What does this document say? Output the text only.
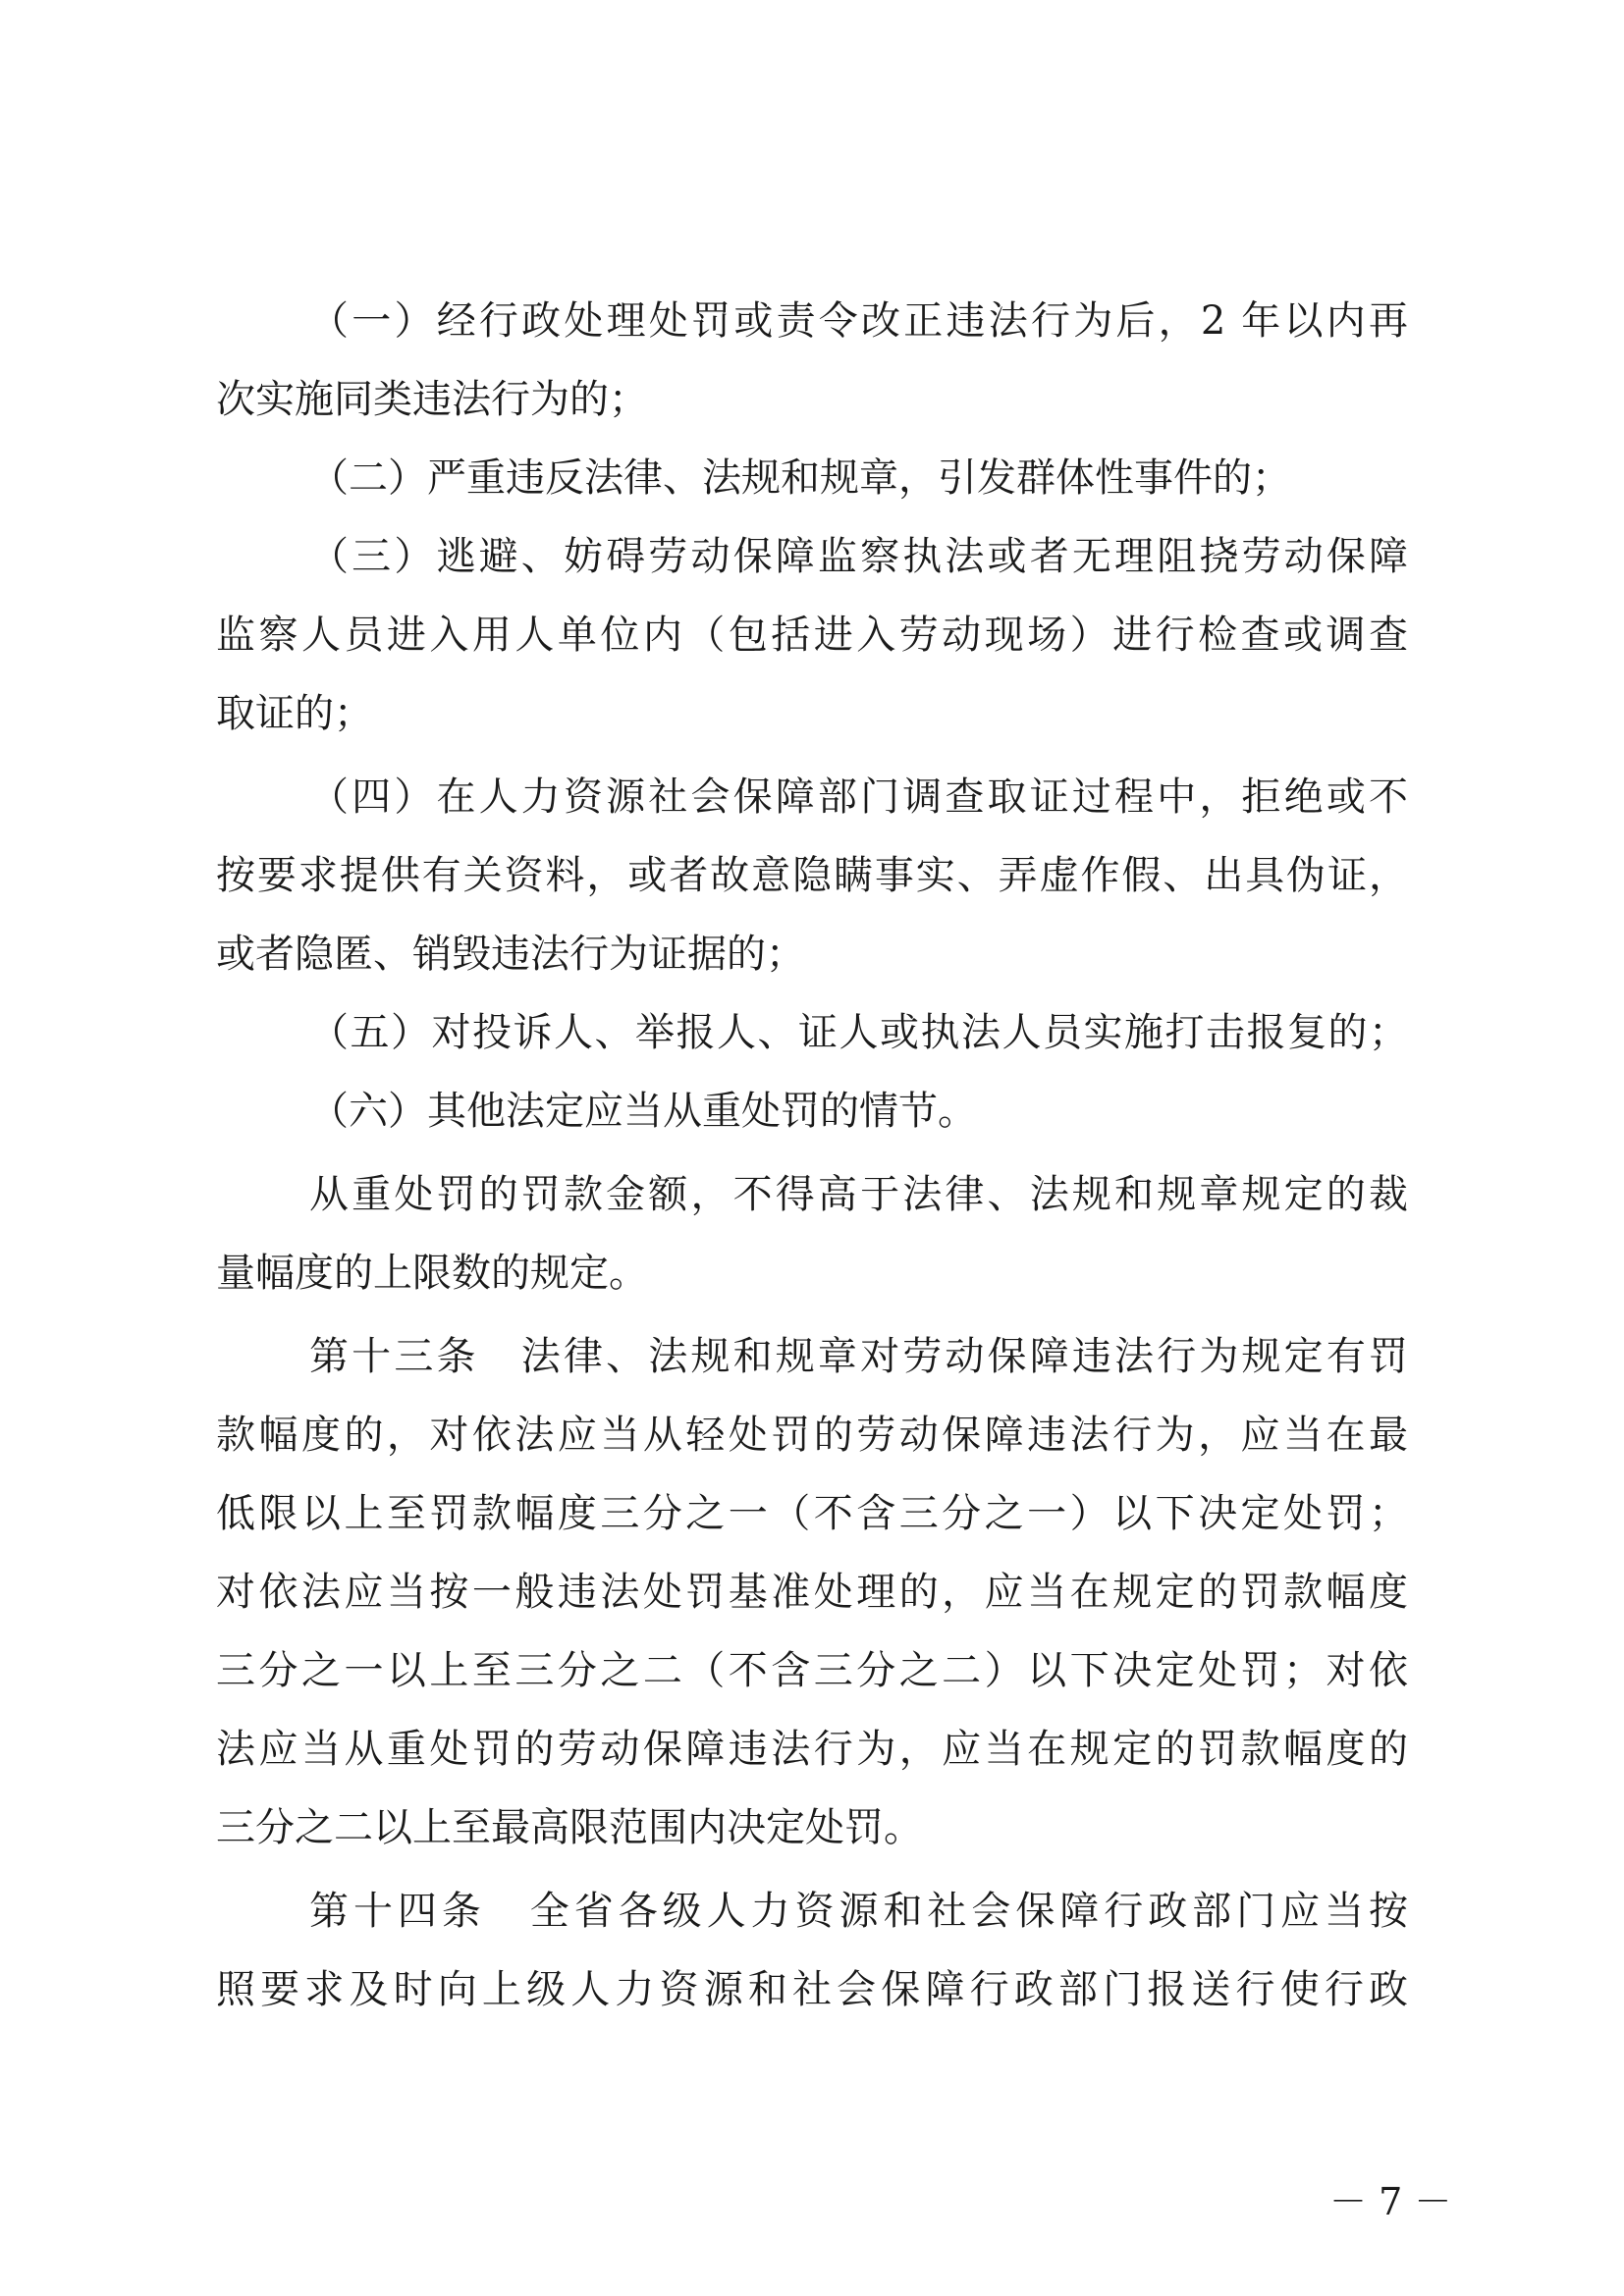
（一）经行政处理处罚或责令改正违法行为后，2 年以内再

次实施同类违法行为的；

（二）严重违反法律、法规和规章，引发群体性事件的；

（三）逃避、妨碍劳动保障监察执法或者无理阻挠劳动保障

监察人员进入用人单位内（包括进入劳动现场）进行检查或调查

取证的；

（四）在人力资源社会保障部门调查取证过程中，拒绝或不

按要求提供有关资料，或者故意隐瞒事实、弄虚作假、出具伪证，

或者隐匿、销毁违法行为证据的；

（五）对投诉人、举报人、证人或执法人员实施打击报复的；

（六）其他法定应当从重处罚的情节。

从重处罚的罚款金额，不得高于法律、法规和规章规定的裁

量幅度的上限数的规定。

第十三条　法律、法规和规章对劳动保障违法行为规定有罚

款幅度的，对依法应当从轻处罚的劳动保障违法行为，应当在最

低限以上至罚款幅度三分之一（不含三分之一）以下决定处罚；

对依法应当按一般违法处罚基准处理的，应当在规定的罚款幅度

三分之一以上至三分之二（不含三分之二）以下决定处罚；对依

法应当从重处罚的劳动保障违法行为，应当在规定的罚款幅度的

三分之二以上至最高限范围内决定处罚。

第十四条　全省各级人力资源和社会保障行政部门应当按

照要求及时向上级人力资源和社会保障行政部门报送行使行政

－ 7 －
